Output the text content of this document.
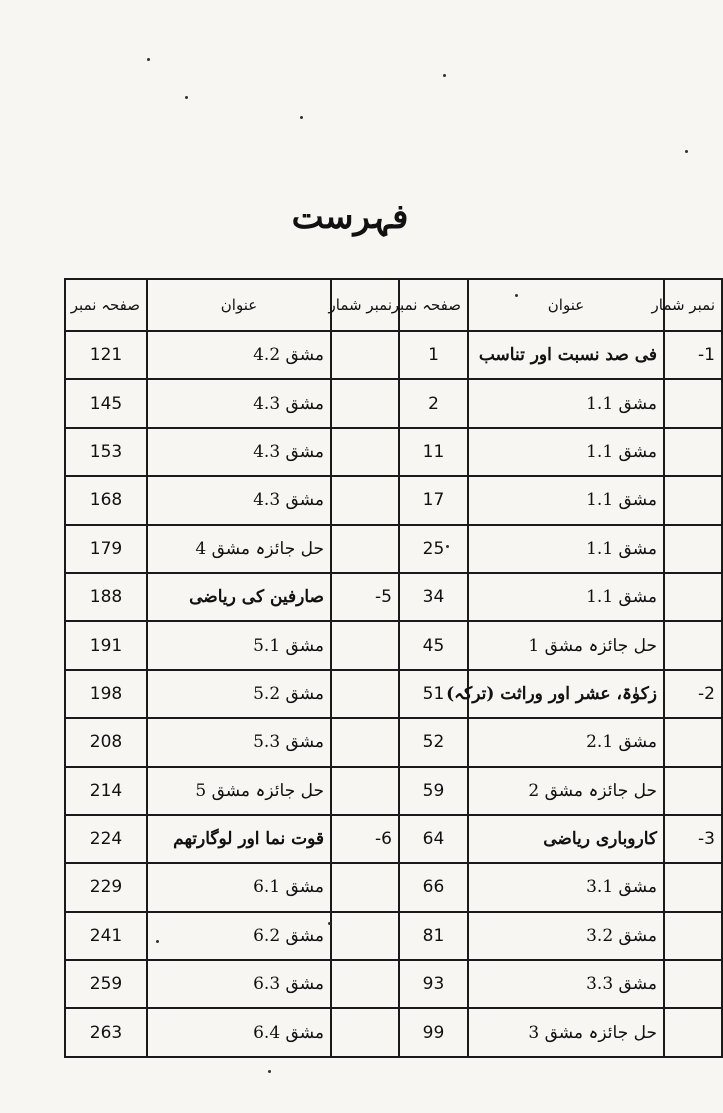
فہرست
صفحہ نمبر	عنوان	نمبر شمار	صفحہ نمبر	عنوان	نمبر شمار
121	مشق 4.2		1	فی صد نسبت اور تناسب	-1
145	مشق 4.3		2	مشق 1.1	
153	مشق 4.3		11	مشق 1.1	
168	مشق 4.3		17	مشق 1.1	
179	حل جائزہ مشق 4		25	مشق 1.1	
188	صارفین کی ریاضی	-5	34	مشق 1.1	
191	مشق 5.1		45	حل جائزہ مشق 1	
198	مشق 5.2		51	زکوٰۃ، عشر اور وراثت (ترکہ)	-2
208	مشق 5.3		52	مشق 2.1	
214	حل جائزہ مشق 5		59	حل جائزہ مشق 2	
224	قوت نما اور لوگارتھم	-6	64	کاروباری ریاضی	-3
229	مشق 6.1		66	مشق 3.1	
241	مشق 6.2		81	مشق 3.2	
259	مشق 6.3		93	مشق 3.3	
263	مشق 6.4		99	حل جائزہ مشق 3	
